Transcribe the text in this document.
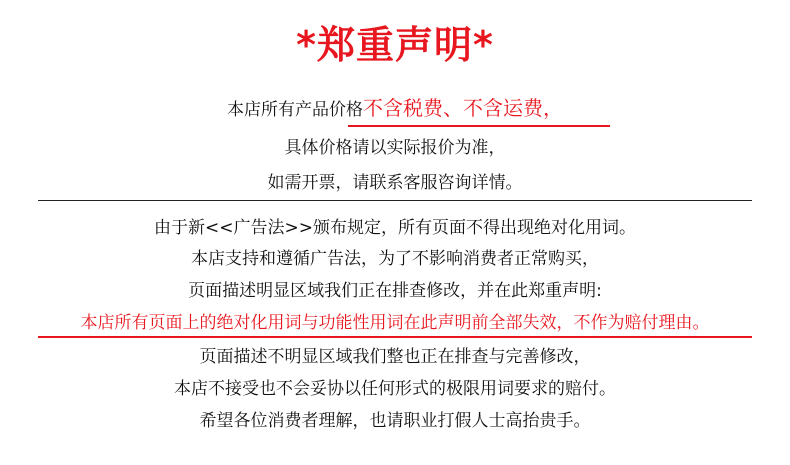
*郑重声明*
本店所有产品价格不含税费、不含运费，
具体价格请以实际报价为准，
如需开票，请联系客服咨询详情。
由于新<<广告法>>颁布规定，所有页面不得出现绝对化用词。
本店支持和遵循广告法，为了不影响消费者正常购买，
页面描述明显区域我们正在排查修改，并在此郑重声明:
本店所有页面上的绝对化用词与功能性用词在此声明前全部失效，不作为赔付理由。
页面描述不明显区域我们整也正在排查与完善修改，
本店不接受也不会妥协以任何形式的极限用词要求的赔付。
希望各位消费者理解，也请职业打假人士高抬贵手。
